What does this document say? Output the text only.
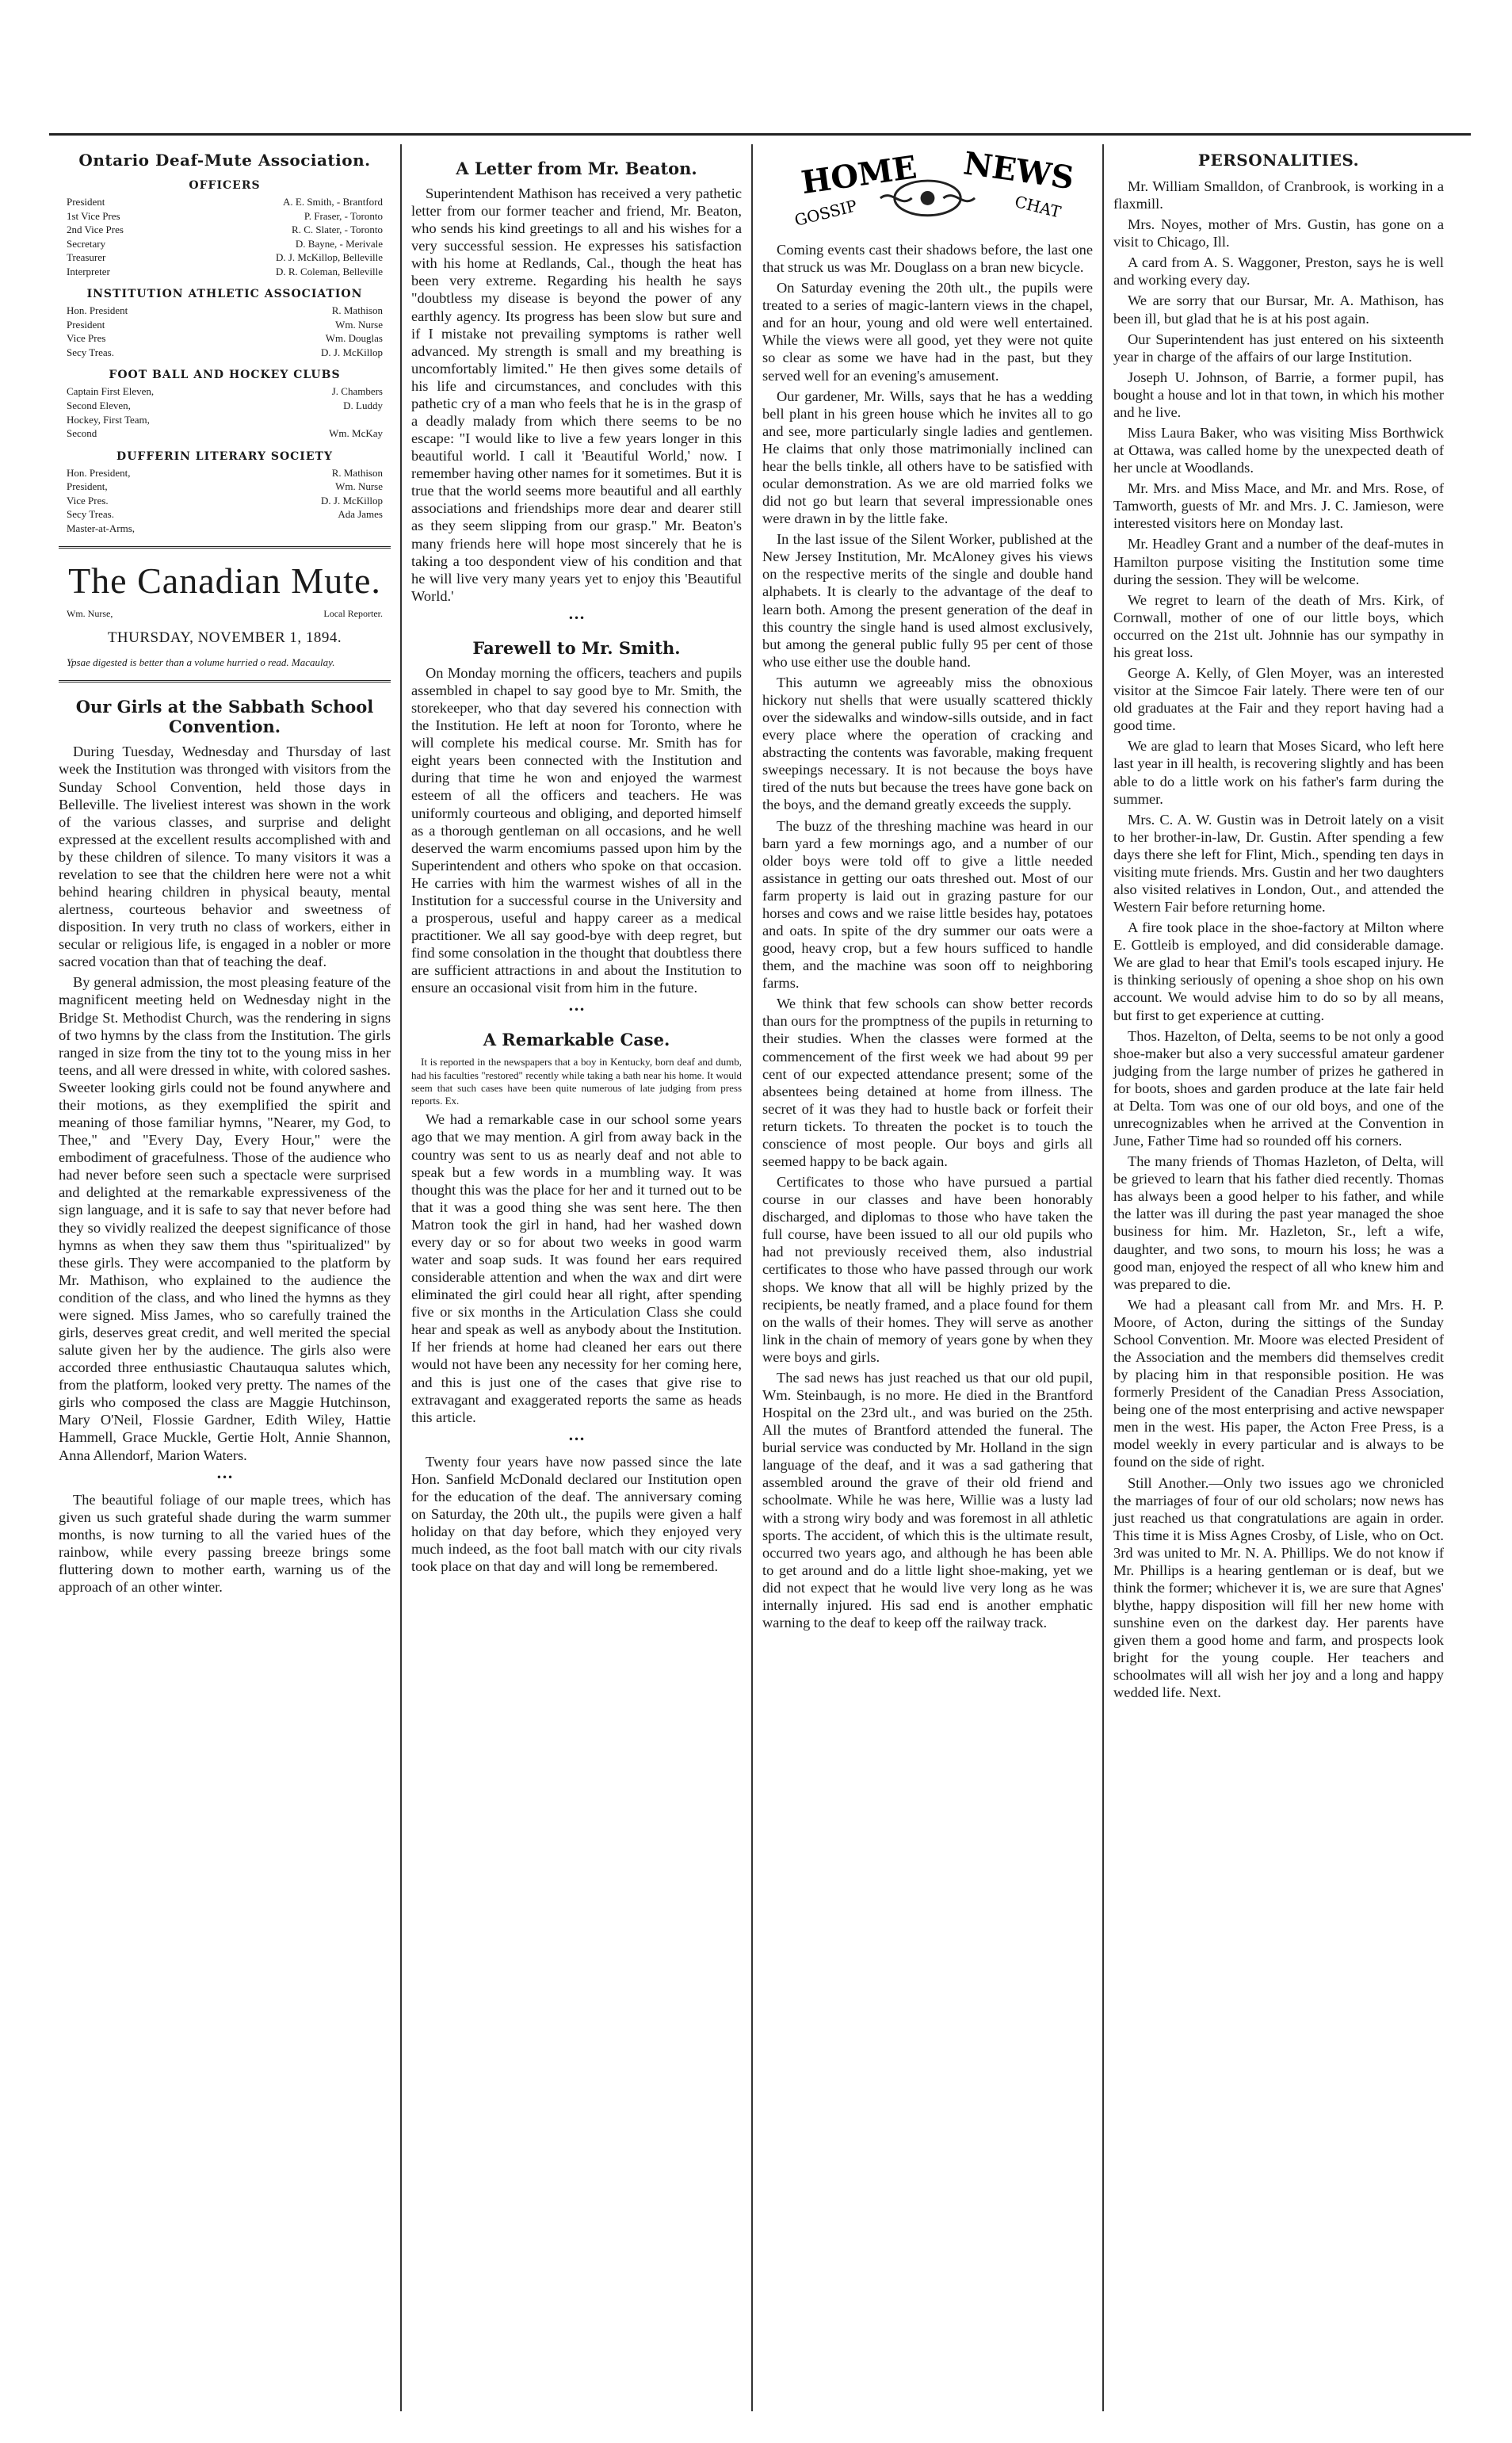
Ontario Deaf-Mute Association.
OFFICERS
President	A. E. Smith, - Brantford
1st Vice Pres	P. Fraser, - Toronto
2nd Vice Pres	R. C. Slater, - Toronto
Secretary	D. Bayne, - Merivale
Treasurer	D. J. McKillop, Belleville
Interpreter	D. R. Coleman, Belleville
INSTITUTION ATHLETIC ASSOCIATION
Hon. President	R. Mathison
President	Wm. Nurse
Vice Pres	Wm. Douglas
Secy Treas.	D. J. McKillop
FOOT BALL AND HOCKEY CLUBS
Captain First Eleven,	J. Chambers
Second Eleven,	D. Luddy
Hockey, First Team,
Second	Wm. McKay
DUFFERIN LITERARY SOCIETY
Hon. President,	R. Mathison
President,	Wm. Nurse
Vice Pres.	D. J. McKillop
Secy Treas.	Ada James
Master-at-Arms,
The Canadian Mute.
Wm. Nurse,	Local Reporter.
THURSDAY, NOVEMBER 1, 1894.
Ypsae digested is better than a volume hurried o read. Macaulay.
Our Girls at the Sabbath School Convention.

During Tuesday, Wednesday and Thursday of last week the Institution was thronged with visitors from the Sunday School Convention, held those days in Belleville. The liveliest interest was shown in the work of the various classes, and surprise and delight expressed at the excellent results accomplished with and by these children of silence. To many visitors it was a revelation to see that the children here were not a whit behind hearing children in physical beauty, mental alertness, courteous behavior and sweetness of disposition. In very truth no class of workers, either in secular or religious life, is engaged in a nobler or more sacred vocation than that of teaching the deaf.

By general admission, the most pleasing feature of the magnificent meeting held on Wednesday night in the Bridge St. Methodist Church, was the rendering in signs of two hymns by the class from the Institution. The girls ranged in size from the tiny tot to the young miss in her teens, and all were dressed in white, with colored sashes. Sweeter looking girls could not be found anywhere and their motions, as they exemplified the spirit and meaning of those familiar hymns, "Nearer, my God, to Thee," and "Every Day, Every Hour," were the embodiment of gracefulness. Those of the audience who had never before seen such a spectacle were surprised and delighted at the remarkable expressiveness of the sign language, and it is safe to say that never before had they so vividly realized the deepest significance of those hymns as when they saw them thus "spiritualized" by these girls. They were accompanied to the platform by Mr. Mathison, who explained to the audience the condition of the class, and who lined the hymns as they were signed. Miss James, who so carefully trained the girls, deserves great credit, and well merited the special salute given her by the audience. The girls also were accorded three enthusiastic Chautauqua salutes which, from the platform, looked very pretty. The names of the girls who composed the class are Maggie Hutchinson, Mary O'Neil, Flossie Gardner, Edith Wiley, Hattie Hammell, Grace Muckle, Gertie Holt, Annie Shannon, Anna Allendorf, Marion Waters.

•••

The beautiful foliage of our maple trees, which has given us such grateful shade during the warm summer months, is now turning to all the varied hues of the rainbow, while every passing breeze brings some fluttering down to mother earth, warning us of the approach of an other winter.

A Letter from Mr. Beaton.

Superintendent Mathison has received a very pathetic letter from our former teacher and friend, Mr. Beaton, who sends his kind greetings to all and his wishes for a very successful session. He expresses his satisfaction with his home at Redlands, Cal., though the heat has been very extreme. Regarding his health he says "doubtless my disease is beyond the power of any earthly agency. Its progress has been slow but sure and if I mistake not prevailing symptoms is rather well advanced. My strength is small and my breathing is uncomfortably limited." He then gives some details of his life and circumstances, and concludes with this pathetic cry of a man who feels that he is in the grasp of a deadly malady from which there seems to be no escape: "I would like to live a few years longer in this beautiful world. I call it 'Beautiful World,' now. I remember having other names for it sometimes. But it is true that the world seems more beautiful and all earthly associations and friendships more dear and dearer still as they seem slipping from our grasp." Mr. Beaton's many friends here will hope most sincerely that he is taking a too despondent view of his condition and that he will live very many years yet to enjoy this 'Beautiful World.'

•••
Farewell to Mr. Smith.

On Monday morning the officers, teachers and pupils assembled in chapel to say good bye to Mr. Smith, the storekeeper, who that day severed his connection with the Institution. He left at noon for Toronto, where he will complete his medical course. Mr. Smith has for eight years been connected with the Institution and during that time he won and enjoyed the warmest esteem of all the officers and teachers. He was uniformly courteous and obliging, and deported himself as a thorough gentleman on all occasions, and he well deserved the warm encomiums passed upon him by the Superintendent and others who spoke on that occasion. He carries with him the warmest wishes of all in the Institution for a successful course in the University and a prosperous, useful and happy career as a medical practitioner. We all say good-bye with deep regret, but find some consolation in the thought that doubtless there are sufficient attractions in and about the Institution to ensure an occasional visit from him in the future.

•••
A Remarkable Case.

It is reported in the newspapers that a boy in Kentucky, born deaf and dumb, had his faculties "restored" recently while taking a bath near his home. It would seem that such cases have been quite numerous of late judging from press reports. Ex.

We had a remarkable case in our school some years ago that we may mention. A girl from away back in the country was sent to us as nearly deaf and not able to speak but a few words in a mumbling way. It was thought this was the place for her and it turned out to be that it was a good thing she was sent here. The then Matron took the girl in hand, had her washed down every day or so for about two weeks in good warm water and soap suds. It was found her ears required considerable attention and when the wax and dirt were eliminated the girl could hear all right, after spending five or six months in the Articulation Class she could hear and speak as well as anybody about the Institution. If her friends at home had cleaned her ears out there would not have been any necessity for her coming here, and this is just one of the cases that give rise to extravagant and exaggerated reports the same as heads this article.

•••

Twenty four years have now passed since the late Hon. Sanfield McDonald declared our Institution open for the education of the deaf. The anniversary coming on Saturday, the 20th ult., the pupils were given a half holiday on that day before, which they enjoyed very much indeed, as the foot ball match with our city rivals took place on that day and will long be remembered.

HOME NEWS
GOSSIP	CHAT

Coming events cast their shadows before, the last one that struck us was Mr. Douglass on a bran new bicycle.

On Saturday evening the 20th ult., the pupils were treated to a series of magic-lantern views in the chapel, and for an hour, young and old were well entertained. While the views were all good, yet they were not quite so clear as some we have had in the past, but they served well for an evening's amusement.

Our gardener, Mr. Wills, says that he has a wedding bell plant in his green house which he invites all to go and see, more particularly single ladies and gentlemen. He claims that only those matrimonially inclined can hear the bells tinkle, all others have to be satisfied with ocular demonstration. As we are old married folks we did not go but learn that several impressionable ones were drawn in by the little fake.

In the last issue of the Silent Worker, published at the New Jersey Institution, Mr. McAloney gives his views on the respective merits of the single and double hand alphabets. It is clearly to the advantage of the deaf to learn both. Among the present generation of the deaf in this country the single hand is used almost exclusively, but among the general public fully 95 per cent of those who use either use the double hand.

This autumn we agreeably miss the obnoxious hickory nut shells that were usually scattered thickly over the sidewalks and window-sills outside, and in fact every place where the operation of cracking and abstracting the contents was favorable, making frequent sweepings necessary. It is not because the boys have tired of the nuts but because the trees have gone back on the boys, and the demand greatly exceeds the supply.

The buzz of the threshing machine was heard in our barn yard a few mornings ago, and a number of our older boys were told off to give a little needed assistance in getting our oats threshed out. Most of our farm property is laid out in grazing pasture for our horses and cows and we raise little besides hay, potatoes and oats. In spite of the dry summer our oats were a good, heavy crop, but a few hours sufficed to handle them, and the machine was soon off to neighboring farms.

We think that few schools can show better records than ours for the promptness of the pupils in returning to their studies. When the classes were formed at the commencement of the first week we had about 99 per cent of our expected attendance present; some of the absentees being detained at home from illness. The secret of it was they had to hustle back or forfeit their return tickets. To threaten the pocket is to touch the conscience of most people. Our boys and girls all seemed happy to be back again.

Certificates to those who have pursued a partial course in our classes and have been honorably discharged, and diplomas to those who have taken the full course, have been issued to all our old pupils who had not previously received them, also industrial certificates to those who have passed through our work shops. We know that all will be highly prized by the recipients, be neatly framed, and a place found for them on the walls of their homes. They will serve as another link in the chain of memory of years gone by when they were boys and girls.

The sad news has just reached us that our old pupil, Wm. Steinbaugh, is no more. He died in the Brantford Hospital on the 23rd ult., and was buried on the 25th. All the mutes of Brantford attended the funeral. The burial service was conducted by Mr. Holland in the sign language of the deaf, and it was a sad gathering that assembled around the grave of their old friend and schoolmate. While he was here, Willie was a lusty lad with a strong wiry body and was foremost in all athletic sports. The accident, of which this is the ultimate result, occurred two years ago, and although he has been able to get around and do a little light shoe-making, yet we did not expect that he would live very long as he was internally injured. His sad end is another emphatic warning to the deaf to keep off the railway track.

PERSONALITIES.

Mr. William Smalldon, of Cranbrook, is working in a flaxmill.

Mrs. Noyes, mother of Mrs. Gustin, has gone on a visit to Chicago, Ill.

A card from A. S. Waggoner, Preston, says he is well and working every day.

We are sorry that our Bursar, Mr. A. Mathison, has been ill, but glad that he is at his post again.

Our Superintendent has just entered on his sixteenth year in charge of the affairs of our large Institution.

Joseph U. Johnson, of Barrie, a former pupil, has bought a house and lot in that town, in which his mother and he live.

Miss Laura Baker, who was visiting Miss Borthwick at Ottawa, was called home by the unexpected death of her uncle at Woodlands.

Mr. Mrs. and Miss Mace, and Mr. and Mrs. Rose, of Tamworth, guests of Mr. and Mrs. J. C. Jamieson, were interested visitors here on Monday last.

Mr. Headley Grant and a number of the deaf-mutes in Hamilton purpose visiting the Institution some time during the session. They will be welcome.

We regret to learn of the death of Mrs. Kirk, of Cornwall, mother of one of our little boys, which occurred on the 21st ult. Johnnie has our sympathy in his great loss.

George A. Kelly, of Glen Moyer, was an interested visitor at the Simcoe Fair lately. There were ten of our old graduates at the Fair and they report having had a good time.

We are glad to learn that Moses Sicard, who left here last year in ill health, is recovering slightly and has been able to do a little work on his father's farm during the summer.

Mrs. C. A. W. Gustin was in Detroit lately on a visit to her brother-in-law, Dr. Gustin. After spending a few days there she left for Flint, Mich., spending ten days in visiting mute friends. Mrs. Gustin and her two daughters also visited relatives in London, Out., and attended the Western Fair before returning home.

A fire took place in the shoe-factory at Milton where E. Gottleib is employed, and did considerable damage. We are glad to hear that Emil's tools escaped injury. He is thinking seriously of opening a shoe shop on his own account. We would advise him to do so by all means, but first to get experience at cutting.

Thos. Hazelton, of Delta, seems to be not only a good shoe-maker but also a very successful amateur gardener judging from the large number of prizes he gathered in for boots, shoes and garden produce at the late fair held at Delta. Tom was one of our old boys, and one of the unrecognizables when he arrived at the Convention in June, Father Time had so rounded off his corners.

The many friends of Thomas Hazleton, of Delta, will be grieved to learn that his father died recently. Thomas has always been a good helper to his father, and while the latter was ill during the past year managed the shoe business for him. Mr. Hazleton, Sr., left a wife, daughter, and two sons, to mourn his loss; he was a good man, enjoyed the respect of all who knew him and was prepared to die.

We had a pleasant call from Mr. and Mrs. H. P. Moore, of Acton, during the sittings of the Sunday School Convention. Mr. Moore was elected President of the Association and the members did themselves credit by placing him in that responsible position. He was formerly President of the Canadian Press Association, being one of the most enterprising and active newspaper men in the west. His paper, the Acton Free Press, is a model weekly in every particular and is always to be found on the side of right.

Still Another.—Only two issues ago we chronicled the marriages of four of our old scholars; now news has just reached us that congratulations are again in order. This time it is Miss Agnes Crosby, of Lisle, who on Oct. 3rd was united to Mr. N. A. Phillips. We do not know if Mr. Phillips is a hearing gentleman or is deaf, but we think the former; whichever it is, we are sure that Agnes' blythe, happy disposition will fill her new home with sunshine even on the darkest day. Her parents have given them a good home and farm, and prospects look bright for the young couple. Her teachers and schoolmates will all wish her joy and a long and happy wedded life. Next.
